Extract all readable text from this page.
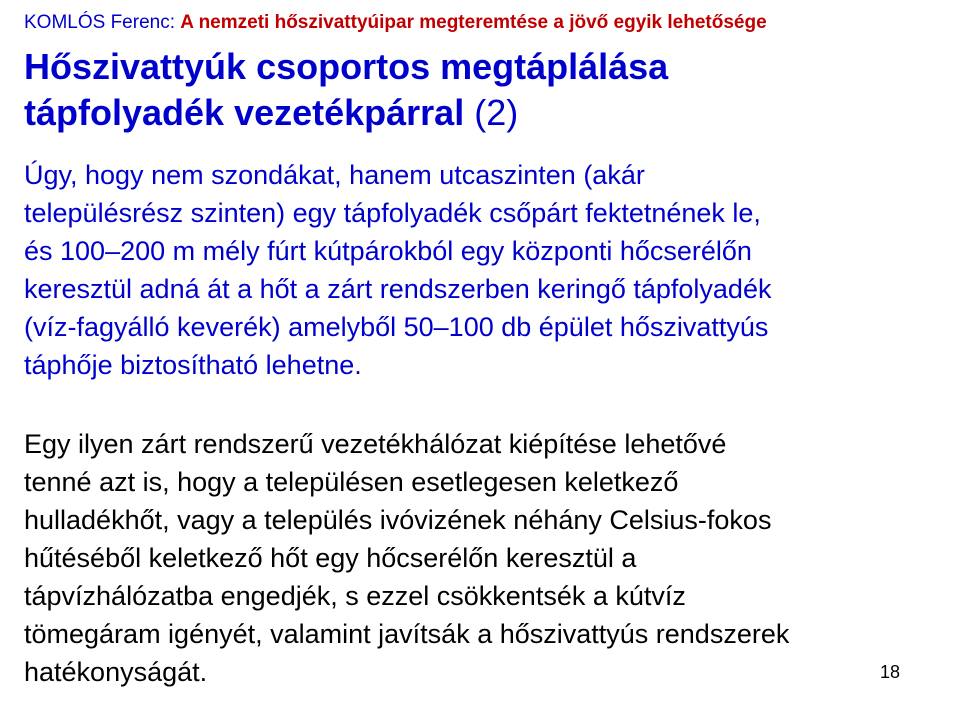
KOMLÓS Ferenc: A nemzeti hőszivattyúipar megteremtése a jövő egyik lehetősége
Hőszivattyúk csoportos megtáplálása
tápfolyadék vezetékpárral (2)
Úgy, hogy nem szondákat, hanem utcaszinten (akár
településrész szinten) egy tápfolyadék csőpárt fektetnének le,
és 100–200 m mély fúrt kútpárokból egy központi hőcserélőn
keresztül adná át a hőt a zárt rendszerben keringő tápfolyadék
(víz-fagyálló keverék) amelyből 50–100 db épület hőszivattyús
táphője biztosítható lehetne.
Egy ilyen zárt rendszerű vezetékhálózat kiépítése lehetővé
tenné azt is, hogy a településen esetlegesen keletkező
hulladékhőt, vagy a település ivóvizének néhány Celsius-fokos
hűtéséből keletkező hőt egy hőcserélőn keresztül a
tápvízhálózatba engedjék, s ezzel csökkentsék a kútvíz
tömegáram igényét, valamint javítsák a hőszivattyús rendszerek
hatékonyságát.	18
